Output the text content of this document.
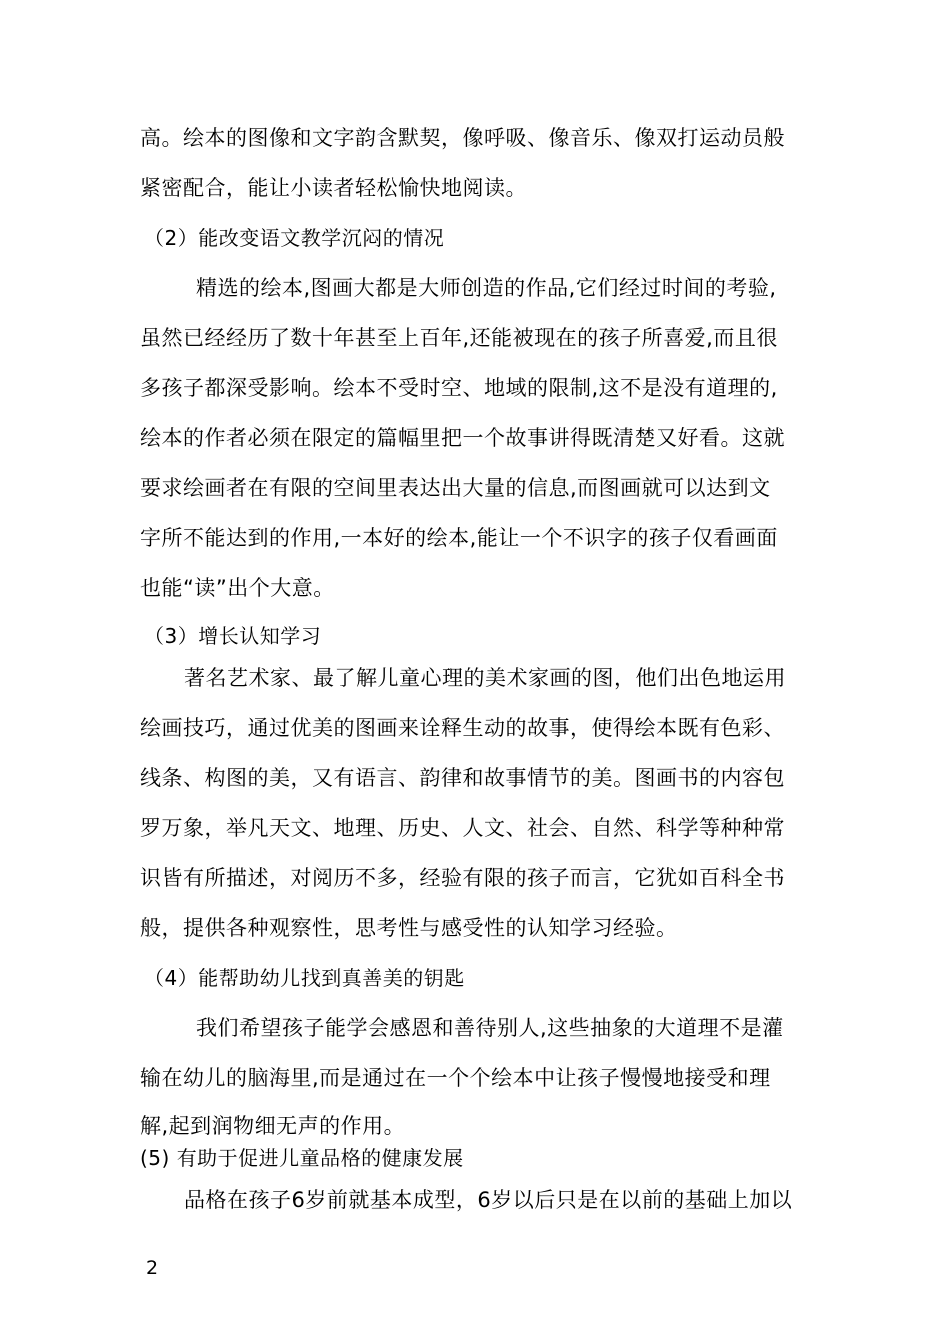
高。绘本的图像和文字韵含默契，像呼吸、像音乐、像双打运动员般
紧密配合，能让小读者轻松愉快地阅读。
（2）能改变语文教学沉闷的情况
精选的绘本,图画大都是大师创造的作品,它们经过时间的考验,
虽然已经经历了数十年甚至上百年,还能被现在的孩子所喜爱,而且很
多孩子都深受影响。绘本不受时空、地域的限制,这不是没有道理的,
绘本的作者必须在限定的篇幅里把一个故事讲得既清楚又好看。这就
要求绘画者在有限的空间里表达出大量的信息,而图画就可以达到文
字所不能达到的作用,一本好的绘本,能让一个不识字的孩子仅看画面
也能“读”出个大意。
（3）增长认知学习
著名艺术家、最了解儿童心理的美术家画的图，他们出色地运用
绘画技巧，通过优美的图画来诠释生动的故事，使得绘本既有色彩、
线条、构图的美，又有语言、韵律和故事情节的美。图画书的内容包
罗万象，举凡天文、地理、历史、人文、社会、自然、科学等种种常
识皆有所描述，对阅历不多，经验有限的孩子而言，它犹如百科全书
般，提供各种观察性，思考性与感受性的认知学习经验。
（4）能帮助幼儿找到真善美的钥匙
我们希望孩子能学会感恩和善待别人,这些抽象的大道理不是灌
输在幼儿的脑海里,而是通过在一个个绘本中让孩子慢慢地接受和理
解,起到润物细无声的作用。
(5) 有助于促进儿童品格的健康发展
品格在孩子6岁前就基本成型，6岁以后只是在以前的基础上加以
2
